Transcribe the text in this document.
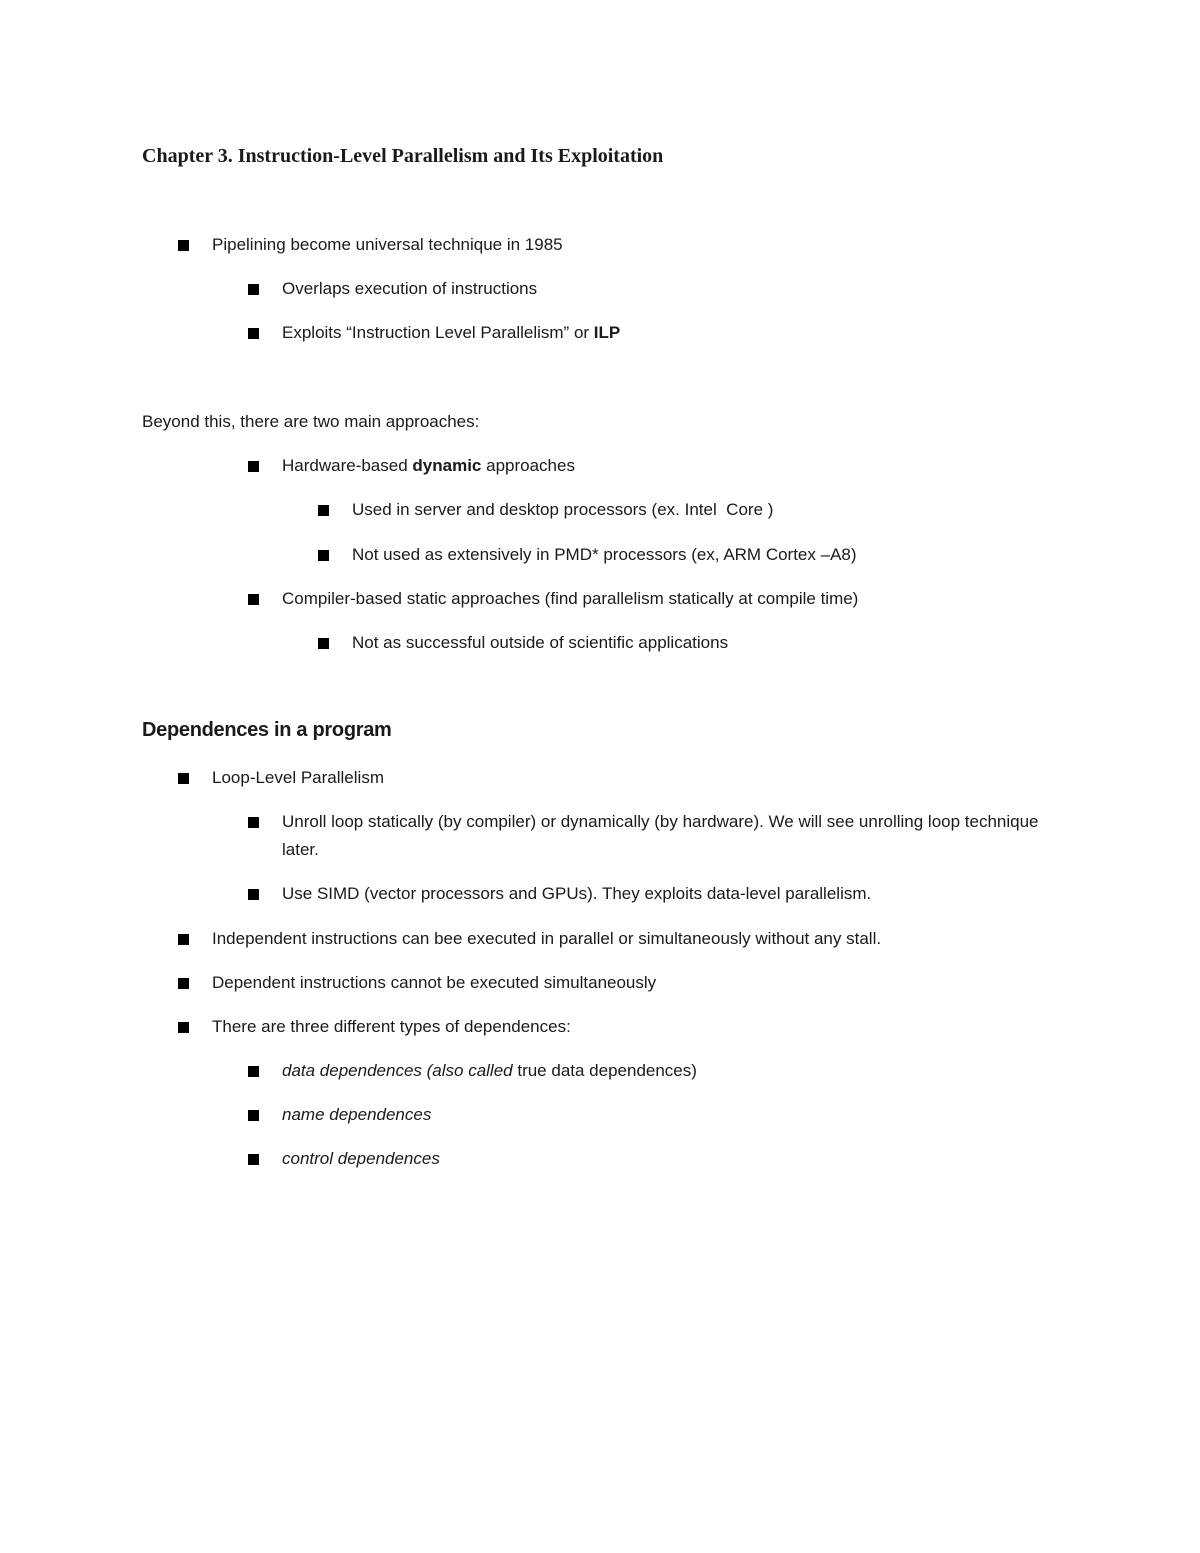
Chapter 3. Instruction-Level Parallelism and Its Exploitation
Pipelining become universal technique in 1985
Overlaps execution of instructions
Exploits “Instruction Level Parallelism” or ILP

Beyond this, there are two main approaches:

Hardware-based dynamic approaches
Used in server and desktop processors (ex. Intel  Core )
Not used as extensively in PMD* processors (ex, ARM Cortex –A8)
Compiler-based static approaches (find parallelism statically at compile time)
Not as successful outside of scientific applications
Dependences in a program
Loop-Level Parallelism
Unroll loop statically (by compiler) or dynamically (by hardware). We will see unrolling loop technique later.
Use SIMD (vector processors and GPUs). They exploits data-level parallelism.
Independent instructions can bee executed in parallel or simultaneously without any stall.
Dependent instructions cannot be executed simultaneously
There are three different types of dependences:
data dependences (also called true data dependences)
name dependences
control dependences
